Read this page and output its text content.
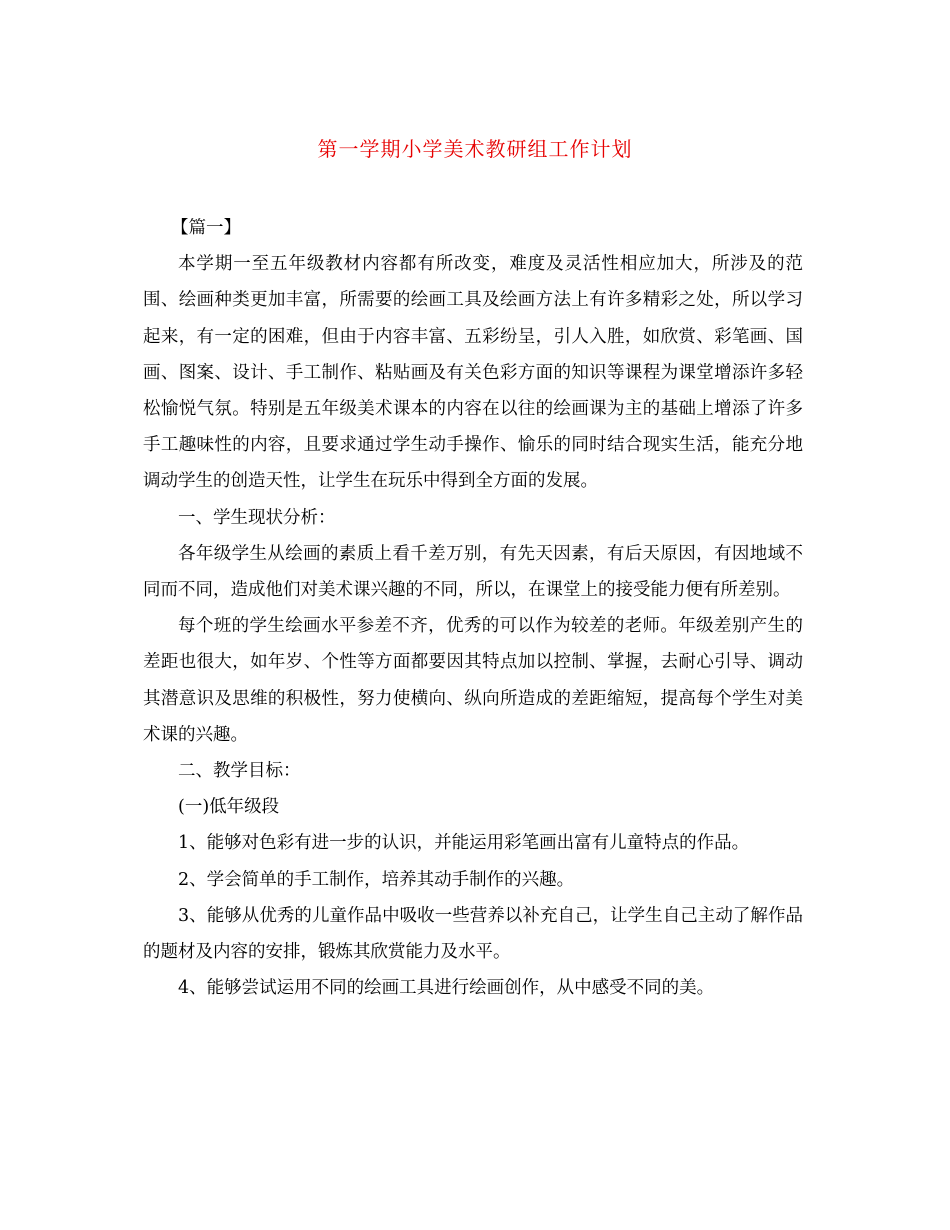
第一学期小学美术教研组工作计划

【篇一】

本学期一至五年级教材内容都有所改变，难度及灵活性相应加大，所涉及的范围、绘画种类更加丰富，所需要的绘画工具及绘画方法上有许多精彩之处，所以学习起来，有一定的困难，但由于内容丰富、五彩纷呈，引人入胜，如欣赏、彩笔画、国画、图案、设计、手工制作、粘贴画及有关色彩方面的知识等课程为课堂增添许多轻松愉悦气氛。特别是五年级美术课本的内容在以往的绘画课为主的基础上增添了许多手工趣味性的内容，且要求通过学生动手操作、愉乐的同时结合现实生活，能充分地调动学生的创造天性，让学生在玩乐中得到全方面的发展。

一、学生现状分析：

各年级学生从绘画的素质上看千差万别，有先天因素，有后天原因，有因地域不同而不同，造成他们对美术课兴趣的不同，所以，在课堂上的接受能力便有所差别。

每个班的学生绘画水平参差不齐，优秀的可以作为较差的老师。年级差别产生的差距也很大，如年岁、个性等方面都要因其特点加以控制、掌握，去耐心引导、调动其潜意识及思维的积极性，努力使横向、纵向所造成的差距缩短，提高每个学生对美术课的兴趣。

二、教学目标：

(一)低年级段

1、能够对色彩有进一步的认识，并能运用彩笔画出富有儿童特点的作品。

2、学会简单的手工制作，培养其动手制作的兴趣。

3、能够从优秀的儿童作品中吸收一些营养以补充自己，让学生自己主动了解作品的题材及内容的安排，锻炼其欣赏能力及水平。

4、能够尝试运用不同的绘画工具进行绘画创作，从中感受不同的美。
